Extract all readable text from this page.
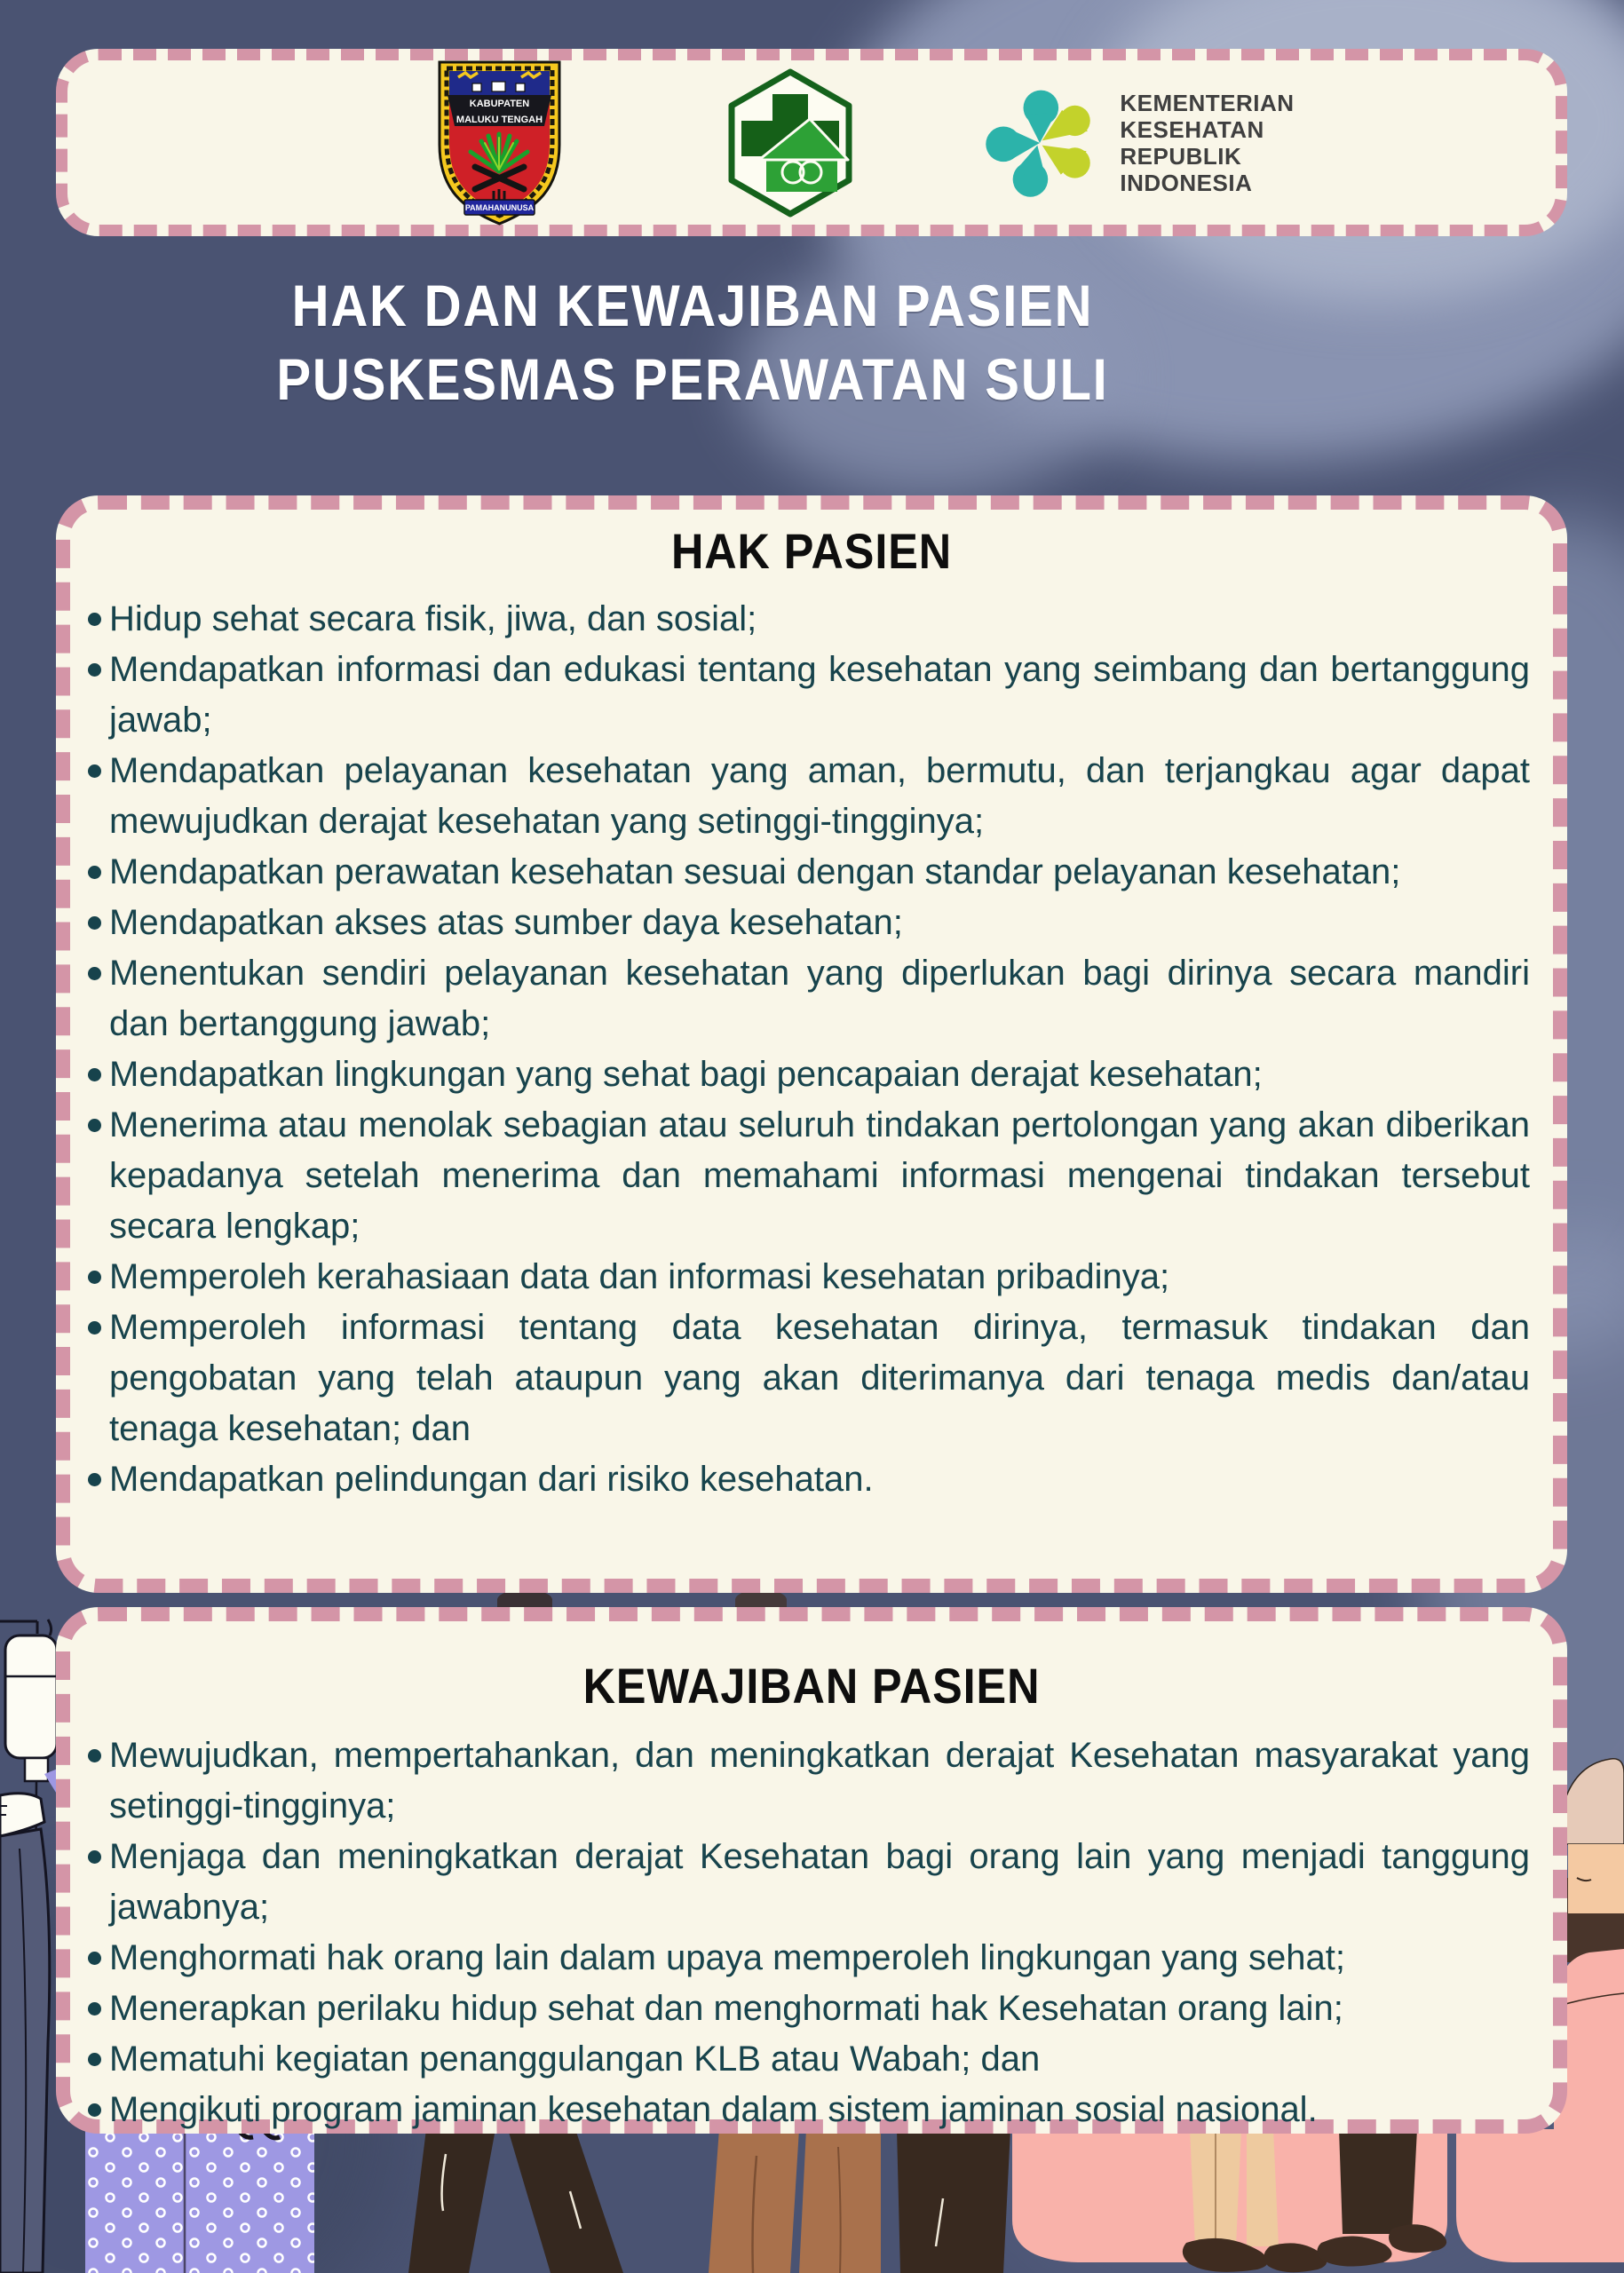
KABUPATEN
MALUKU TENGAH
PAMAHANUNUSA
KEMENTERIAN
KESEHATAN
REPUBLIK
INDONESIA
HAK DAN KEWAJIBAN PASIEN
PUSKESMAS PERAWATAN SULI
HAK PASIEN
Hidup sehat secara fisik, jiwa, dan sosial;
Mendapatkan informasi dan edukasi tentang kesehatan yang seimbang dan bertanggung jawab;
Mendapatkan pelayanan kesehatan yang aman, bermutu, dan terjangkau agar dapat mewujudkan derajat kesehatan yang setinggi-tingginya;
Mendapatkan perawatan kesehatan sesuai dengan standar pelayanan kesehatan;
Mendapatkan akses atas sumber daya kesehatan;
Menentukan sendiri pelayanan kesehatan yang diperlukan bagi dirinya secara mandiri dan bertanggung jawab;
Mendapatkan lingkungan yang sehat bagi pencapaian derajat kesehatan;
Menerima atau menolak sebagian atau seluruh tindakan pertolongan yang akan diberikan kepadanya setelah menerima dan memahami informasi mengenai tindakan tersebut secara lengkap;
Memperoleh kerahasiaan data dan informasi kesehatan pribadinya;
Memperoleh informasi tentang data kesehatan dirinya, termasuk tindakan dan pengobatan yang telah ataupun yang akan diterimanya dari tenaga medis dan/atau tenaga kesehatan; dan
Mendapatkan pelindungan dari risiko kesehatan.
KEWAJIBAN PASIEN
Mewujudkan, mempertahankan, dan meningkatkan derajat Kesehatan masyarakat yang setinggi-tingginya;
Menjaga dan meningkatkan derajat Kesehatan bagi orang lain yang menjadi tanggung jawabnya;
Menghormati hak orang lain dalam upaya memperoleh lingkungan yang sehat;
Menerapkan perilaku hidup sehat dan menghormati hak Kesehatan orang lain;
Mematuhi kegiatan penanggulangan KLB atau Wabah; dan
Mengikuti program jaminan kesehatan dalam sistem jaminan sosial nasional.
